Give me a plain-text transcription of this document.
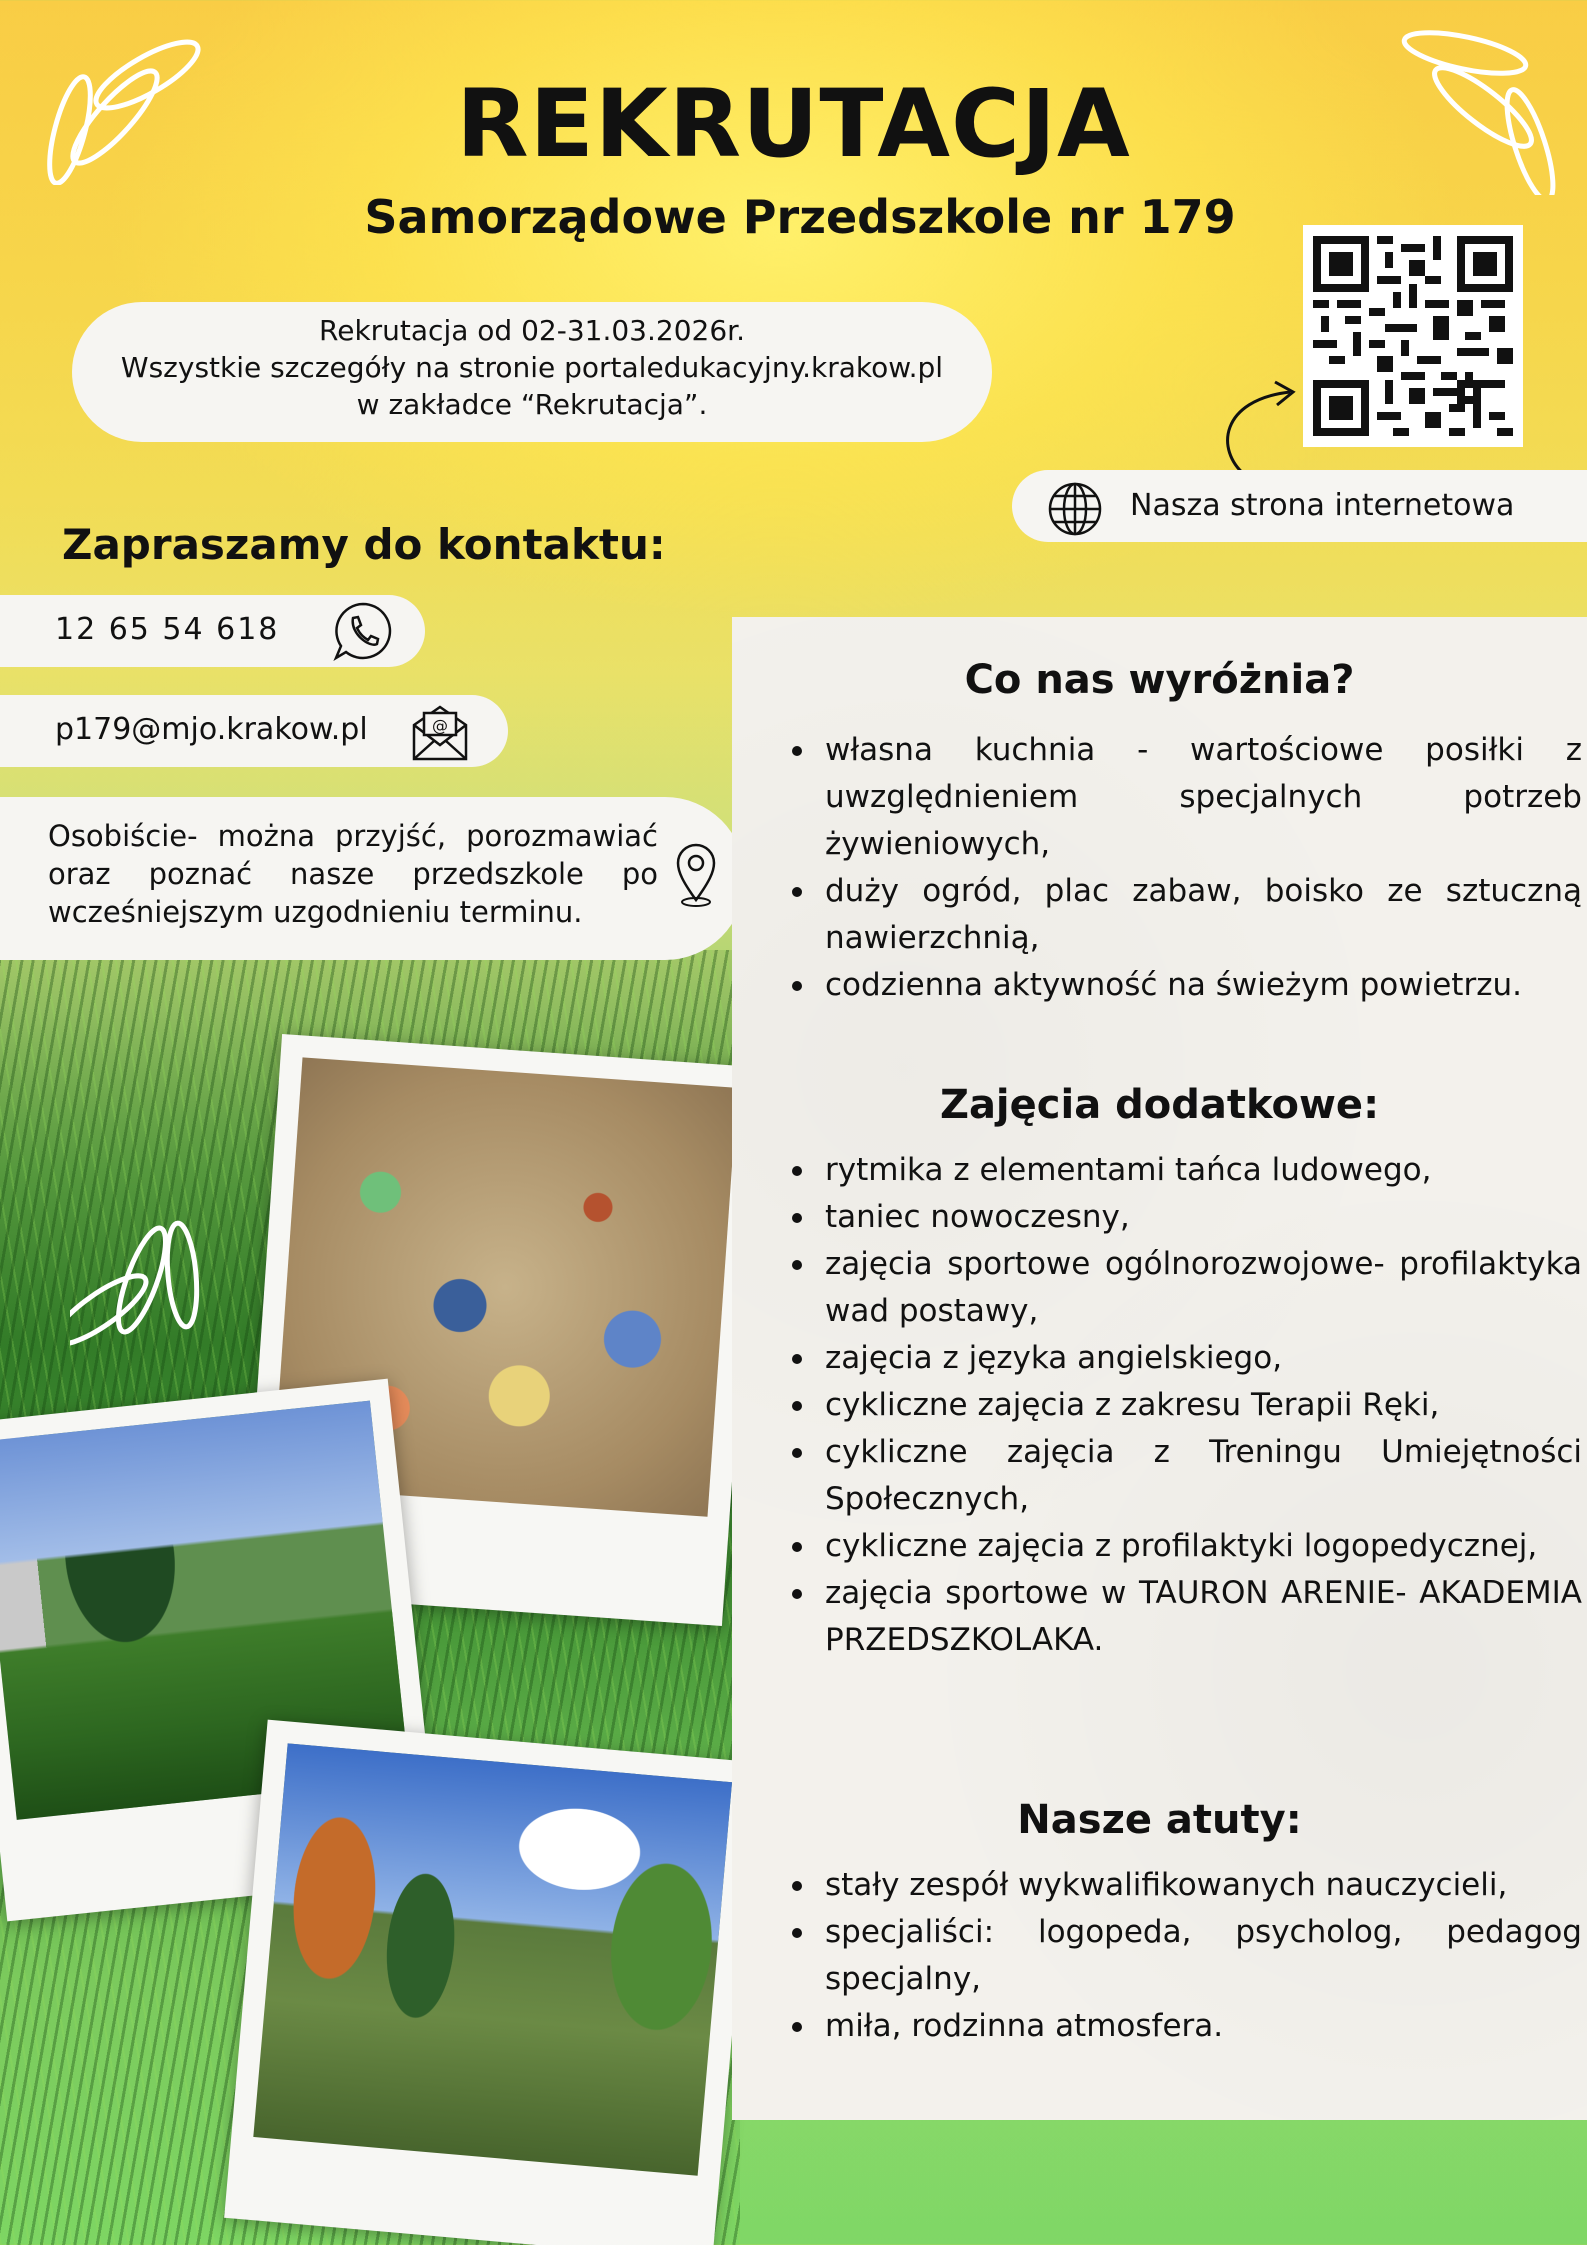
REKRUTACJA
Samorządowe Przedszkole nr 179
Rekrutacja od 02-31.03.2026r.
Wszystkie szczegóły na stronie portaledukacyjny.krakow.pl
w zakładce “Rekrutacja”.
Nasza strona internetowa
Zapraszamy do kontaktu:
12 65 54 618
p179@mjo.krakow.pl	@
Osobiście- można przyjść, porozmawiać oraz poznać nasze przedszkole po wcześniejszym uzgodnieniu terminu.
Co nas wyróżnia?
własna kuchnia - wartościowe posiłki z uwzględnieniem specjalnych potrzeb żywieniowych,
duży ogród, plac zabaw, boisko ze sztuczną nawierzchnią,
codzienna aktywność na świeżym powietrzu.
Zajęcia dodatkowe:
rytmika z elementami tańca ludowego,
taniec nowoczesny,
zajęcia sportowe ogólnorozwojowe- profilaktyka wad postawy,
zajęcia z języka angielskiego,
cykliczne zajęcia z zakresu Terapii Ręki,
cykliczne zajęcia z Treningu Umiejętności Społecznych,
cykliczne zajęcia z profilaktyki logopedycznej,
zajęcia sportowe w TAURON ARENIE- AKADEMIA PRZEDSZKOLAKA.
Nasze atuty:
stały zespół wykwalifikowanych nauczycieli,
specjaliści: logopeda, psycholog, pedagog specjalny,
miła, rodzinna atmosfera.
